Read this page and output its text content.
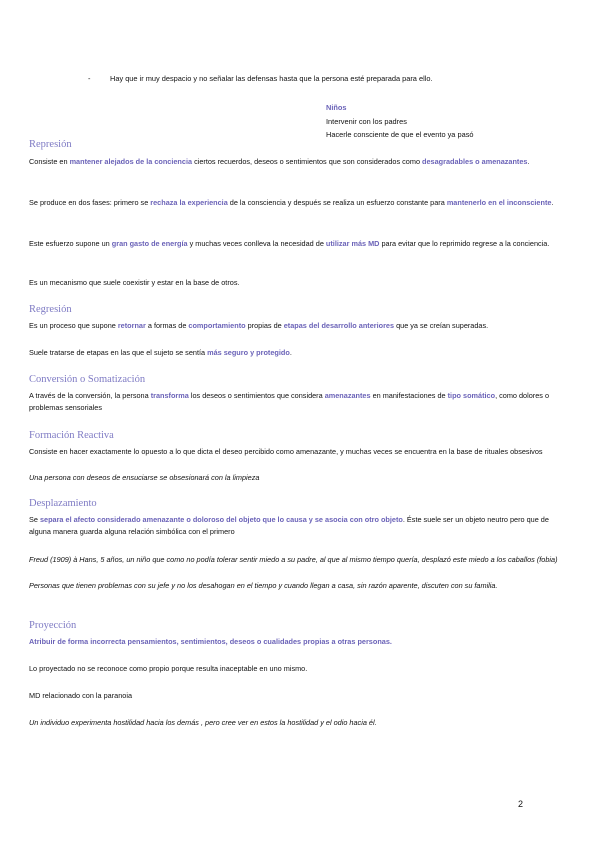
-	Hay que ir muy despacio y no señalar las defensas hasta que la persona esté preparada para ello.
Niños
Intervenir con los padres
Hacerle consciente de que el evento ya pasó
Represión
Consiste en mantener alejados de la conciencia ciertos recuerdos, deseos o sentimientos que son considerados como desagradables o amenazantes.
Se produce en dos fases: primero se rechaza la experiencia de la consciencia y después se realiza un esfuerzo constante para mantenerlo en el inconsciente.
Este esfuerzo supone un gran gasto de energía y muchas veces conlleva la necesidad de utilizar más MD para evitar que lo reprimido regrese a la conciencia.
Es un mecanismo que suele coexistir y estar en la base de otros.
Regresión
Es un proceso que supone retornar a formas de comportamiento propias de etapas del desarrollo anteriores que ya se creían superadas.
Suele tratarse de etapas en las que el sujeto se sentía más seguro y protegido.
Conversión o Somatización
A través de la conversión, la persona transforma los deseos o sentimientos que considera amenazantes en manifestaciones de tipo somático, como dolores o problemas sensoriales
Formación Reactiva
Consiste en hacer exactamente lo opuesto a lo que dicta el deseo percibido como amenazante, y muchas veces se encuentra en la base de rituales obsesivos
Una persona con deseos de ensuciarse se obsesionará con la limpieza
Desplazamiento
Se separa el afecto considerado amenazante o doloroso del objeto que lo causa y se asocia con otro objeto. Éste suele ser un objeto neutro pero que de alguna manera guarda alguna relación simbólica con el primero
Freud (1909) à Hans, 5 años, un niño que como no podía tolerar sentir miedo a su padre, al que al mismo tiempo quería, desplazó este miedo a los caballos (fobia)
Personas que tienen problemas con su jefe y no los desahogan en el tiempo y cuando llegan a casa, sin razón aparente, discuten con su familia.
Proyección
Atribuir de forma incorrecta pensamientos, sentimientos, deseos o cualidades propias a otras personas.
Lo proyectado no se reconoce como propio porque resulta inaceptable en uno mismo.
MD relacionado con la paranoia
Un individuo experimenta hostilidad hacia los demás , pero cree ver en estos la hostilidad y el odio hacia él.
2
